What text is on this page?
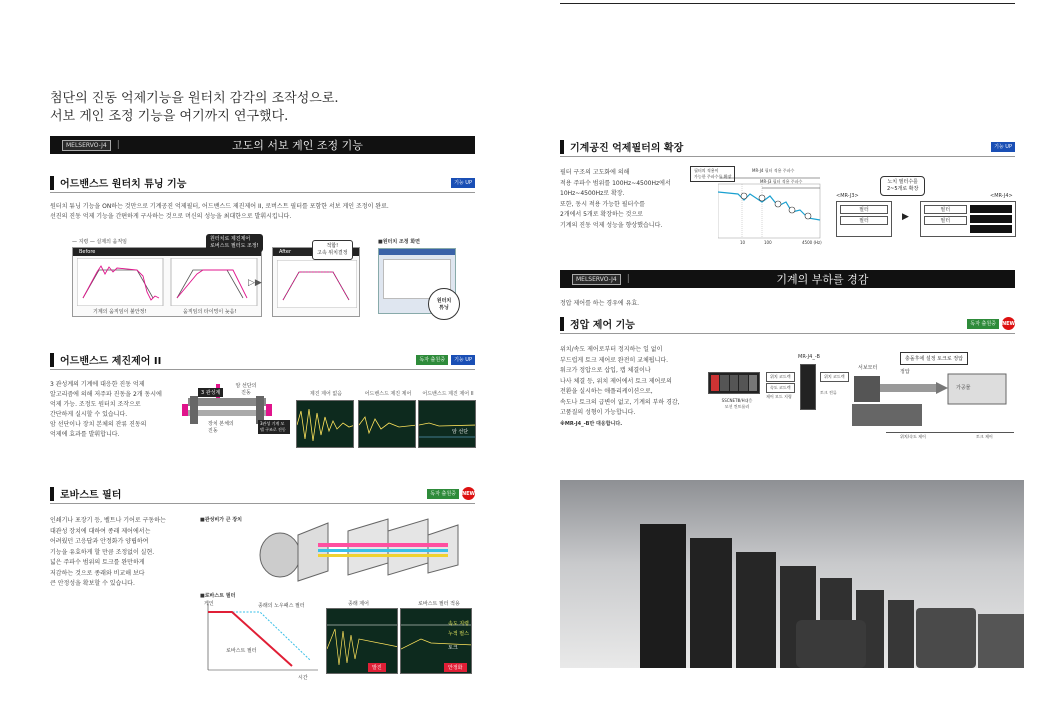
첨단의 진동 억제기능을 원터치 감각의 조작성으로.
서보 게인 조정 기능을 여기까지 연구했다.
MELSERVO-J4	|	고도의 서보 게인 조정 기능
어드밴스드 원터치 튜닝 기능	기능 UP
원터치 튜닝 기능을 ON하는 것만으로 기계공진 억제필터, 어드밴스드 제진제어 II, 로버스트 필터를 포함한 서보 게인 조정이 완료.
선진의 진동 억제 기능을 간편하게 구사하는 것으로 머신의 성능을 최대한으로 발휘시킵니다.
— 지령 — 실제의 움직임
Before
기계의 움직임이 불안정!	움직임의 타이밍이 늦음!
원터치로 제진제어
로버스트 필터도 조정!
▷▶
After
적합!
고속 위치결정
■원터치 조정 화면
원터치
튜닝
어드밴스드 제진제어 II	독자 출원중	기능 UP
3 관성계의 기계에 대응한 진동 억제
알고리즘에 의해 저주파 진동을 2개 동시에
억제 가능. 조정도 원터치 조작으로
간단하게 실시할 수 있습니다.
암 선단이나 장치 본체의 잔류 진동의
억제에 효과를 발휘합니다.
3 관성계
암 선단의 진동
장치 본체의 진동
3관성 기계 모델 구조로 진동
제진 제어 없음	어드밴스드 제진 제어	어드밴스드 제진 제어 II
암 선단
로바스트 필터	독자 출원중	NEW
인쇄기나 포장기 등, 벨트나 기어로 구동하는
대관성 장치에 대하여 종래 제어에서는
어려웠던 고응답과 안정화가 양립하여
기능을 유효하게 할 만큼 조정없이 실현.
넓은 주파수 범위의 토크를 완만하게
저감하는 것으로 종래와 비교해 보다
큰 안정성을 확보할 수 있습니다.
■관성비가 큰 장치
■로바스트 필터
게인
시간
종래의 노우패스 필터
로바스트 필터
종래 제어	로바스트 필터 적용
속도 지령
누적 펄스
토크
발진	안정화
기계공진 억제필터의 확장	기능 UP
필터 구조의 고도화에 의해
적용 주파수 범위를 100Hz~4500Hz에서
10Hz~4500Hz로 확장.
또한, 동시 적용 가능한 필터수를
2개에서 5개로 확장하는 것으로
기계의 진동 억제 성능을 향상했습니다.
필터의 적용이
가능한 주파수를 확장
MR-J4 필터 적용 주파수
MR-J3 필터 적용 주파수
10	100	4500 (Hz)
노치 필터수를
2~5개로 확장
<MR-J3>	<MR-J4>
필터
필터	▶
필터
필터
MELSERVO-J4	|	기계의 부하를 경감
정압 제어를 하는 경우에 유효.
정압 제어 기능	독자 출원중	NEW
위치/속도 제어로부터 정지하는 일 없이
부드럽게 토크 제어로 완전히 교체됩니다.
워크가 정압으로 삽입, 캡 체결이나
나사 체결 등, 위치 제어에서 토크 제어로의
전환을 실시하는 애플리케이션으로,
속도나 토크의 급변이 없고, 기계의 부하 경감,
고품질의 성형이 가능합니다.
※MR-J4_-B만 대응합니다.
MR-J4_-B
SSCNETⅢ/H대응
모션 컨트롤러
위치 코드렉
속도 코드렉
제어 모드 지령
위치 코드렉
토크 전류
서보모터
가공물
정압
충돌후에 설정 토크로 정압
위치/속도 제어	토크 제어
